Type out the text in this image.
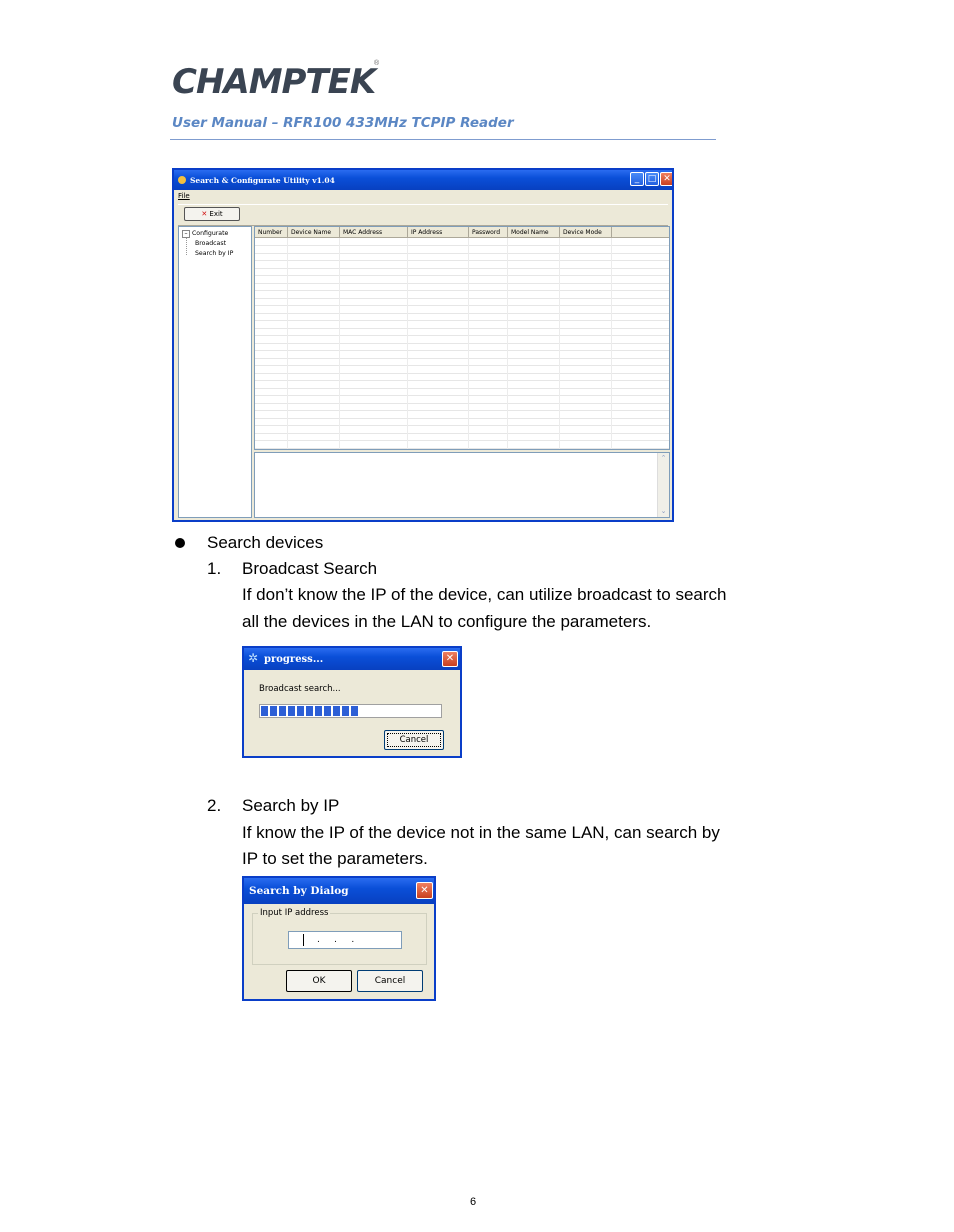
CHAMPTEK
®
User Manual – RFR100 433MHz TCPIP Reader
Search & Configurate Utility v1.04	_ □ ✕
File
✕ Exit
– Configurate
Broadcast
Search by IP
Number	Device Name	MAC Address	IP Address	Password	Model Name	Device Mode
⌃
⌄
Search devices
1. Broadcast Search
If don’t know the IP of the device, can utilize broadcast to search
all the devices in the LAN to configure the parameters.
✲ progress...	✕
Broadcast search...
Cancel
2. Search by IP
If know the IP of the device not in the same LAN, can search by
IP to set the parameters.
Search by Dialog	✕
Input IP address
.     .     .
OK	Cancel
6
